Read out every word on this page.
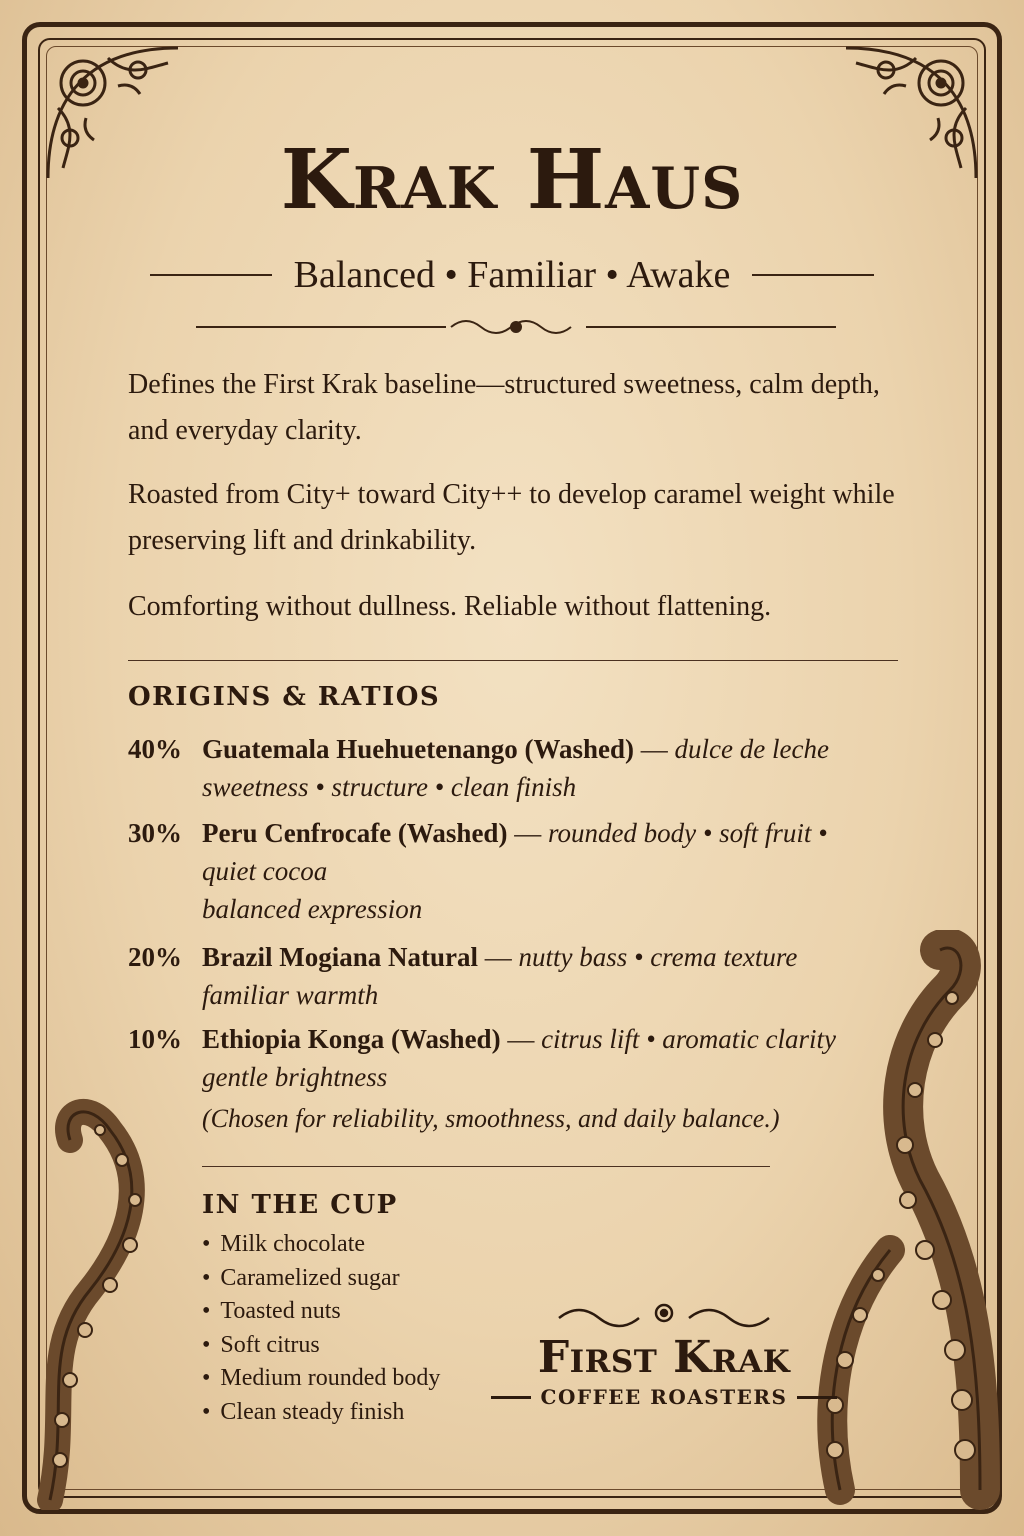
Krak Haus
Balanced • Familiar • Awake

Defines the First Krak baseline—structured sweetness, calm depth, and everyday clarity.

Roasted from City+ toward City++ to develop caramel weight while preserving lift and drinkability.

Comforting without dullness. Reliable without flattening.

ORIGINS & RATIOS
40% Guatemala Huehuetenango (Washed) — dulce de leche
sweetness • structure • clean finish
30% Peru Cenfrocafe (Washed) — rounded body • soft fruit •
quiet cocoa
balanced expression
20% Brazil Mogiana Natural — nutty bass • crema texture
familiar warmth
10% Ethiopia Konga (Washed) — citrus lift • aromatic clarity
gentle brightness
(Chosen for reliability, smoothness, and daily balance.)
IN THE CUP
• Milk chocolate
• Caramelized sugar
• Toasted nuts
• Soft citrus
• Medium rounded body
• Clean steady finish
First Krak
COFFEE ROASTERS
